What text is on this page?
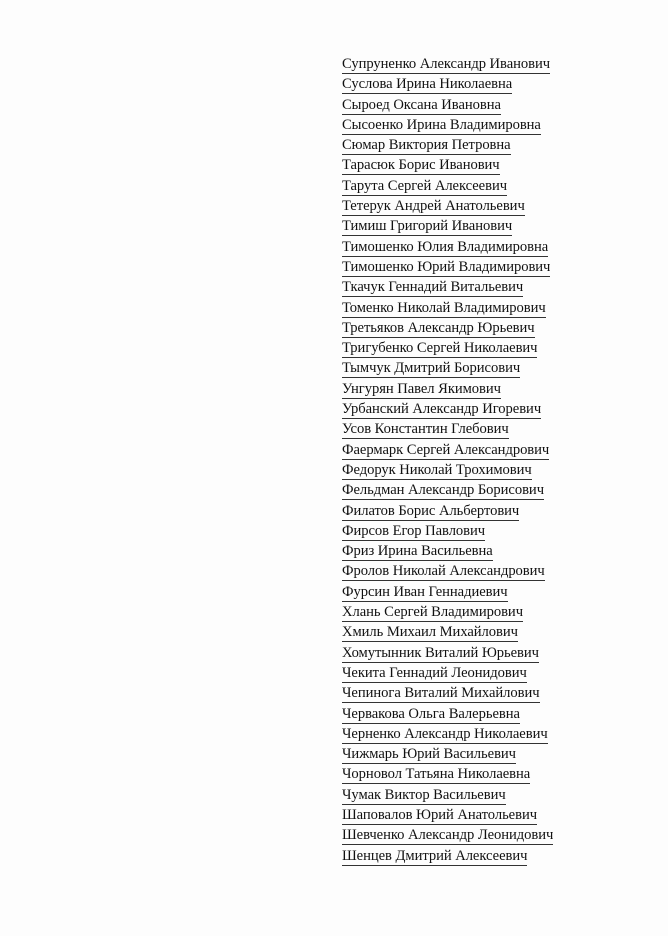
Супруненко Александр Иванович
Суслова Ирина Николаевна
Сыроед Оксана Ивановна
Сысоенко Ирина Владимировна
Сюмар Виктория Петровна
Тарасюк Борис Иванович
Тарута Сергей Алексеевич
Тетерук Андрей Анатольевич
Тимиш Григорий Иванович
Тимошенко Юлия Владимировна
Тимошенко Юрий Владимирович
Ткачук Геннадий Витальевич
Томенко Николай Владимирович
Третьяков Александр Юрьевич
Тригубенко Сергей Николаевич
Тымчук Дмитрий Борисович
Унгурян Павел Якимович
Урбанский Александр Игоревич
Усов Константин Глебович
Фаермарк Сергей Александрович
Федорук Николай Трохимович
Фельдман Александр Борисович
Филатов Борис Альбертович
Фирсов Егор Павлович
Фриз Ирина Васильевна
Фролов Николай Александрович
Фурсин Иван Геннадиевич
Хлань Сергей Владимирович
Хмиль Михаил Михайлович
Хомутынник Виталий Юрьевич
Чекита Геннадий Леонидович
Чепинога Виталий Михайлович
Червакова Ольга Валерьевна
Черненко Александр Николаевич
Чижмарь Юрий Васильевич
Чорновол Татьяна Николаевна
Чумак Виктор Васильевич
Шаповалов Юрий Анатольевич
Шевченко Александр Леонидович
Шенцев Дмитрий Алексеевич
